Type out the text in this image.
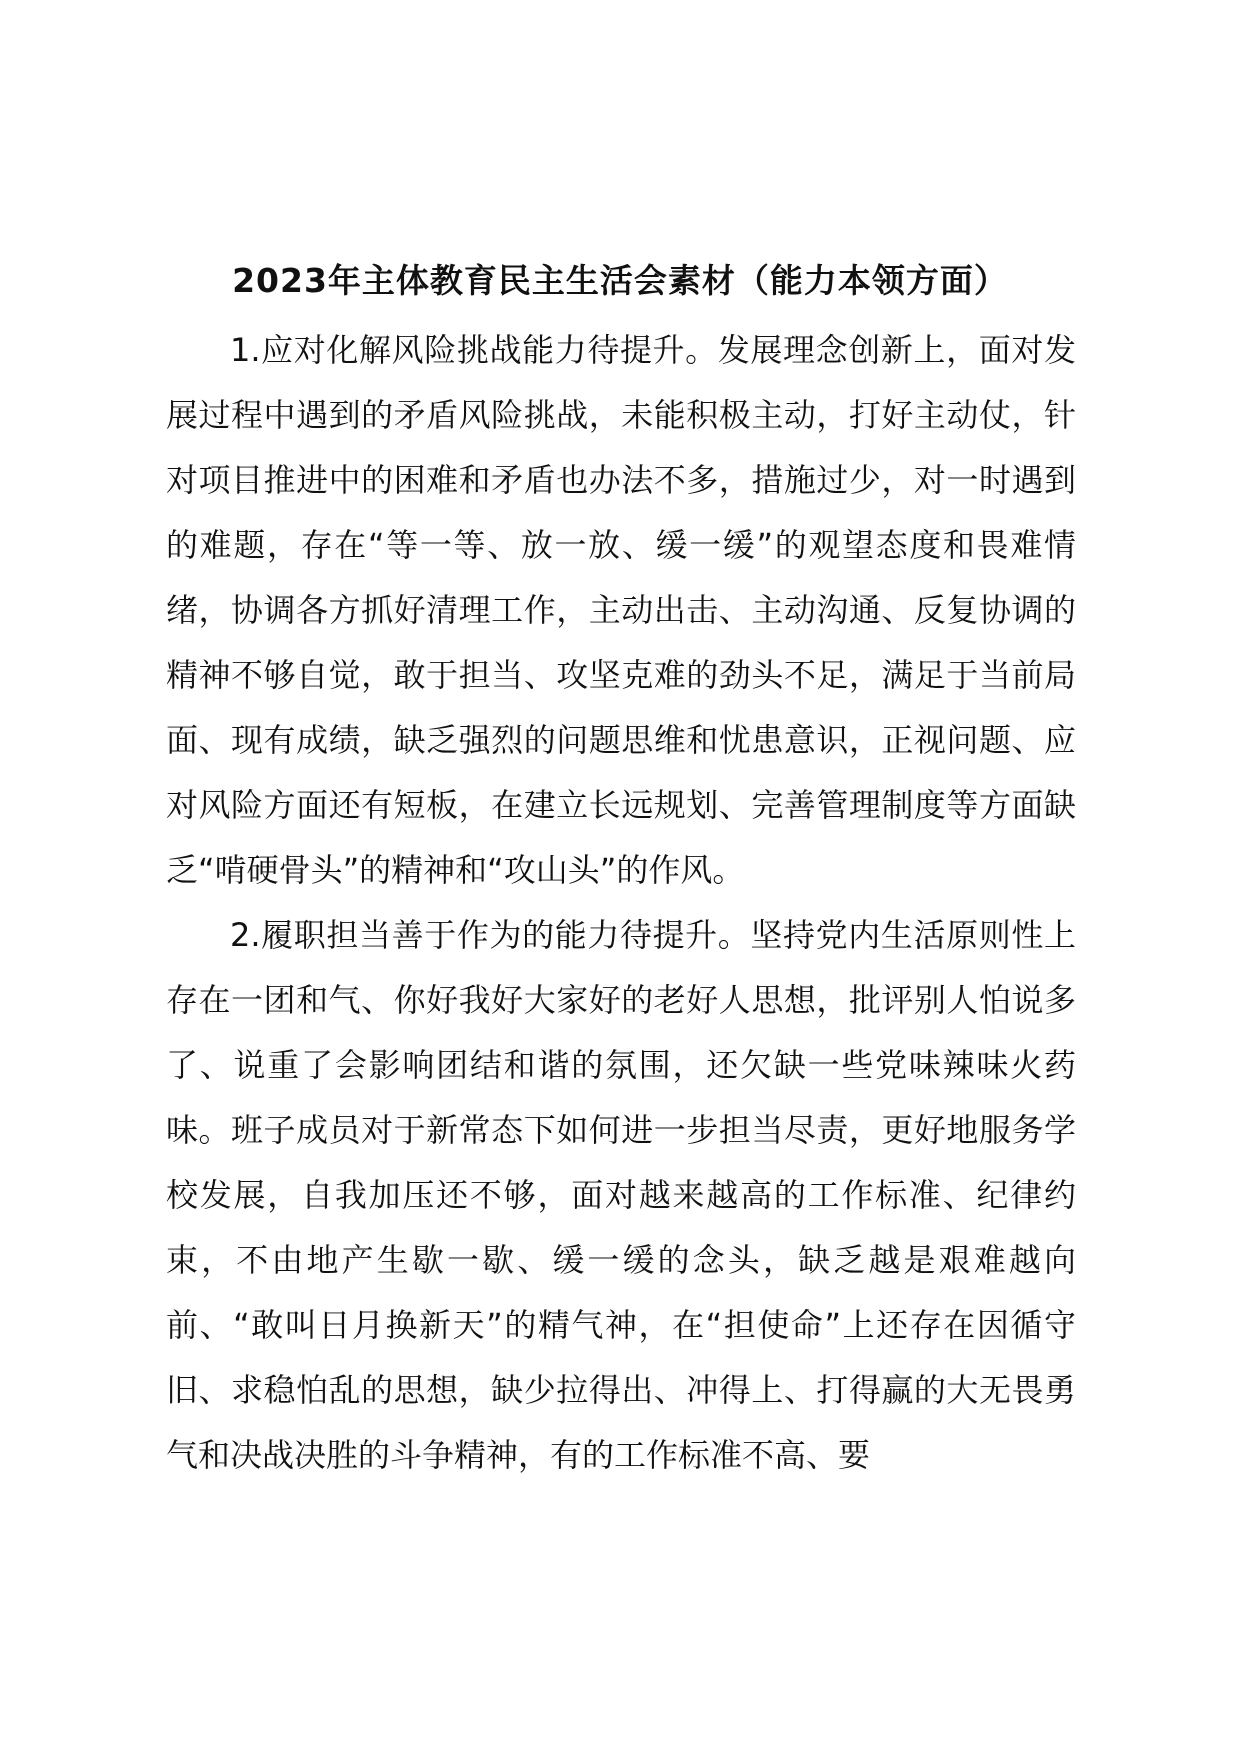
2023年主体教育民主生活会素材（能力本领方面）

1.应对化解风险挑战能力待提升。发展理念创新上，面对发展过程中遇到的矛盾风险挑战，未能积极主动，打好主动仗，针对项目推进中的困难和矛盾也办法不多，措施过少，对一时遇到的难题，存在“等一等、放一放、缓一缓”的观望态度和畏难情绪，协调各方抓好清理工作，主动出击、主动沟通、反复协调的精神不够自觉，敢于担当、攻坚克难的劲头不足，满足于当前局面、现有成绩，缺乏强烈的问题思维和忧患意识，正视问题、应对风险方面还有短板，在建立长远规划、完善管理制度等方面缺乏“啃硬骨头”的精神和“攻山头”的作风。

2.履职担当善于作为的能力待提升。坚持党内生活原则性上存在一团和气、你好我好大家好的老好人思想，批评别人怕说多了、说重了会影响团结和谐的氛围，还欠缺一些党味辣味火药味。班子成员对于新常态下如何进一步担当尽责，更好地服务学校发展，自我加压还不够，面对越来越高的工作标准、纪律约束，不由地产生歇一歇、缓一缓的念头，缺乏越是艰难越向前、“敢叫日月换新天”的精气神，在“担使命”上还存在因循守旧、求稳怕乱的思想，缺少拉得出、冲得上、打得赢的大无畏勇气和决战决胜的斗争精神，有的工作标准不高、要
